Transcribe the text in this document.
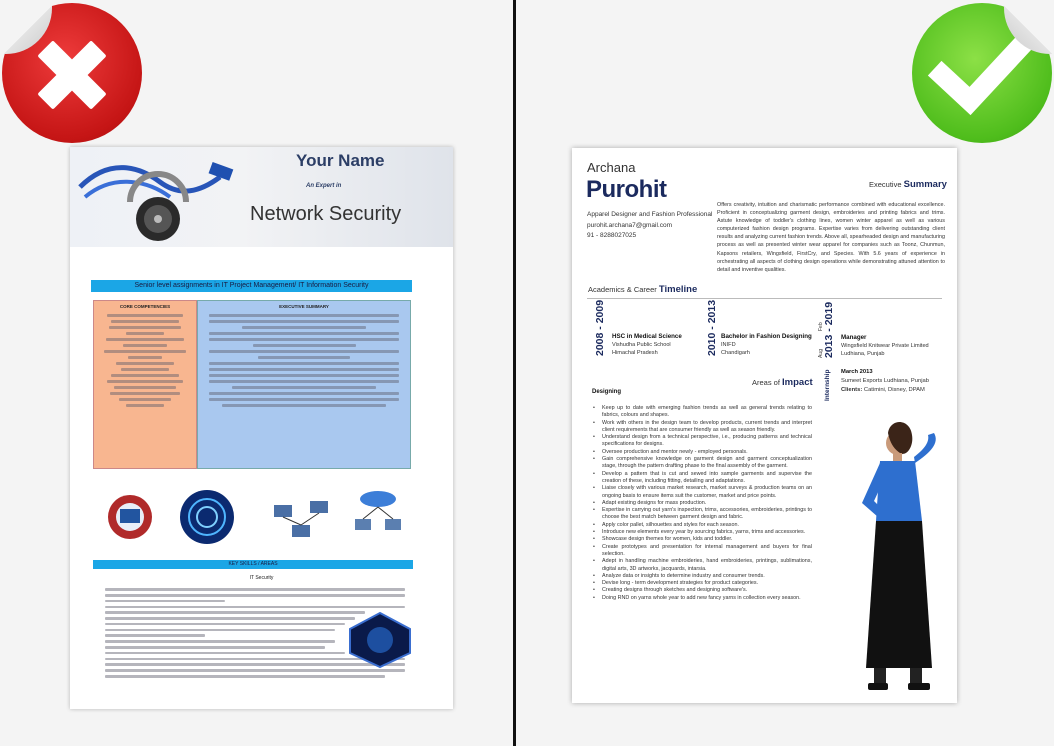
Your Name
An Expert in
Network Security
Senior level assignments in IT Project Management/ IT Information Security
CORE COMPETENCIES	EXECUTIVE SUMMARY
KEY SKILLS / AREAS
IT Security
Archana
Purohit
Apparel Designer and Fashion Professional
purohit.archana7@gmail.com
91 - 8288027025
Executive Summary
Offers creativity, intuition and charismatic performance combined with educational excellence. Proficient in conceptualizing garment design, embroideries and printing fabrics and trims. Astute knowledge of toddler's clothing lines, women winter apparel as well as various computerized fashion design programs. Expertise varies from delivering outstanding client results and analyzing current fashion trends. Above all, spearheaded design and manufacturing process as well as presented winter wear apparel for companies such as Toonz, Chunmun, Kapsons retailers, Wingsfield, FirstCry, and Species. With 5.6 years of experience in orchestrating all aspects of clothing design operations while demonstrating attuned attention to detail and inventive qualities.
Academics & Career Timeline
2008 - 2009 HSC in Medical Science
Vishudha Public School
Himachal Pradesh	2010 - 2013 Bachelor in Fashion Designing
INIFD
Chandigarh
Feb 2013 - 2019
Aug
Manager
Wingsfield Knitwear Private Limited
Ludhiana, Punjab
Internship March 2013
Sumeet Exports Ludhiana, Punjab
Clients: Catimini, Disney, DPAM
Areas of Impact
Designing
• Keep up to date with emerging fashion trends as well as general trends relating to fabrics, colours and shapes.
• Work with others in the design team to develop products, current trends and interpret client requirements that are consumer friendly as well as season friendly.
• Understand design from a technical perspective, i.e., producing patterns and technical specifications for designs.
• Oversee production and mentor newly - employed personals.
• Gain comprehensive knowledge on garment design and garment conceptualization stage, through the pattern drafting phase to the final assembly of the garment.
• Develop a pattern that is cut and sewed into sample garments and supervise the creation of these, including fitting, detailing and adaptations.
• Liaise closely with various market research, market surveys & production teams on an ongoing basis to ensure items suit the customer, market and price points.
• Adapt existing designs for mass production.
• Expertise in carrying out yarn's inspection, trims, accessories, embroideries, printings to choose the best match between garment design and fabric.
• Apply color pallet, silhouettes and styles for each season.
• Introduce new elements every year by sourcing fabrics, yarns, trims and accessories.
• Showcase design themes for women, kids and toddler.
• Create prototypes and presentation for internal management and buyers for final selection.
• Adept in handling machine embroideries, hand embroideries, printings, sublimations, digital arts, 3D artworks, jacquards, intarsia.
• Analyze data or insights to determine industry and consumer trends.
• Devise long - term development strategies for product categories.
• Creating designs through sketches and designing software's.
• Doing RND on yarns whole year to add new fancy yarns in collection every season.
